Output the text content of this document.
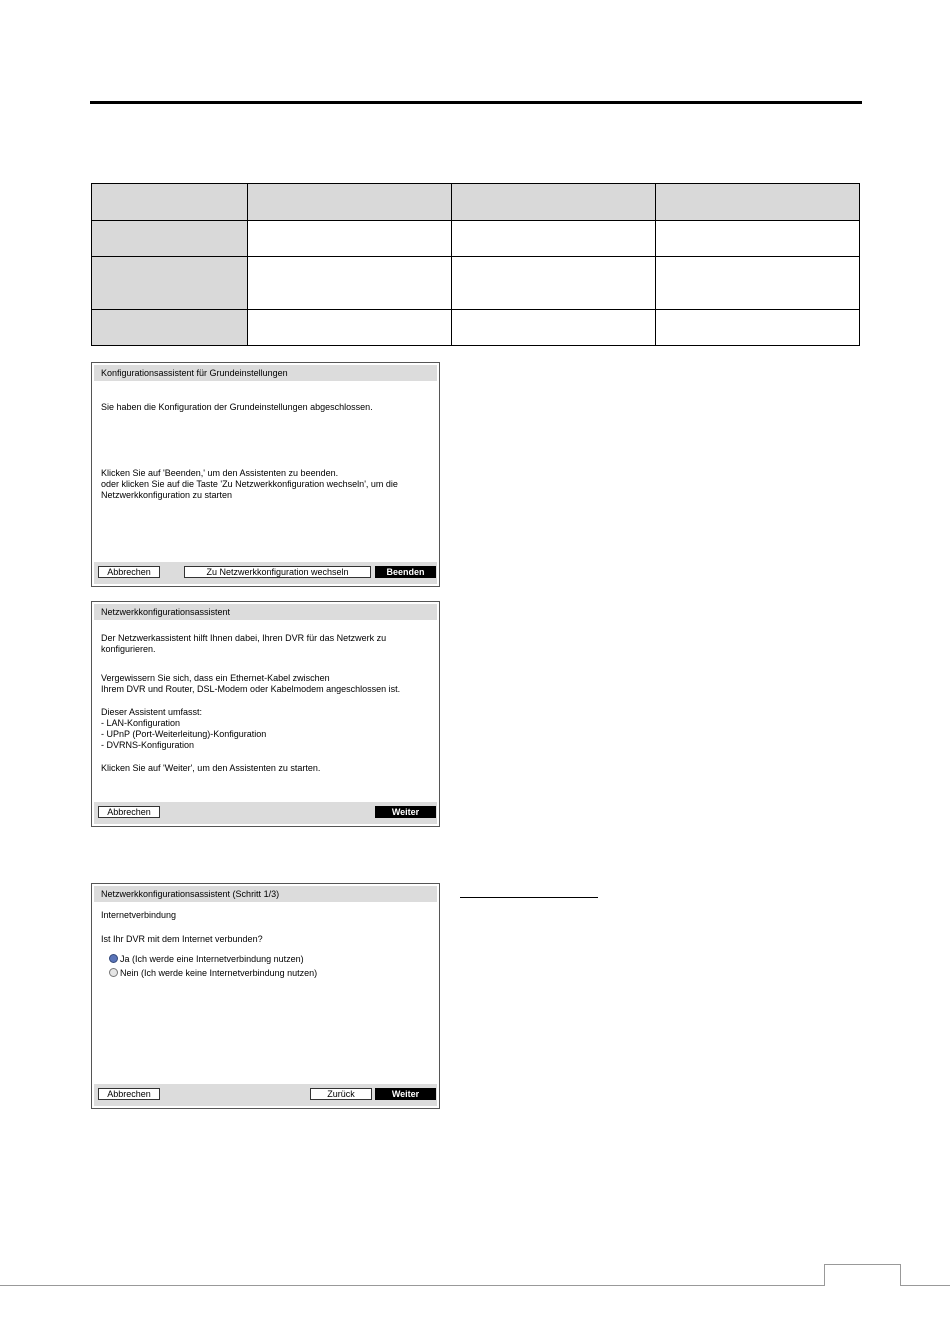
Konfigurationsassistent für Grundeinstellungen
Sie haben die Konfiguration der Grundeinstellungen abgeschlossen.
Klicken Sie auf 'Beenden,' um den Assistenten zu beenden.
oder klicken Sie auf die Taste 'Zu Netzwerkkonfiguration wechseln', um die
Netzwerkkonfiguration zu starten
Abbrechen	Zu Netzwerkkonfiguration wechseln	Beenden
Netzwerkkonfigurationsassistent
Der Netzwerkassistent hilft Ihnen dabei, Ihren DVR für das Netzwerk zu
konfigurieren.
Vergewissern Sie sich, dass ein Ethernet-Kabel zwischen
Ihrem DVR und Router, DSL-Modem oder Kabelmodem angeschlossen ist.
Dieser Assistent umfasst:
- LAN-Konfiguration
- UPnP (Port-Weiterleitung)-Konfiguration
- DVRNS-Konfiguration
Klicken Sie auf 'Weiter', um den Assistenten zu starten.
Abbrechen	Weiter
Netzwerkkonfigurationsassistent (Schritt 1/3)
Internetverbindung
Ist Ihr DVR mit dem Internet verbunden?
Ja (Ich werde eine Internetverbindung nutzen)
Nein (Ich werde keine Internetverbindung nutzen)
Abbrechen	Zurück	Weiter
